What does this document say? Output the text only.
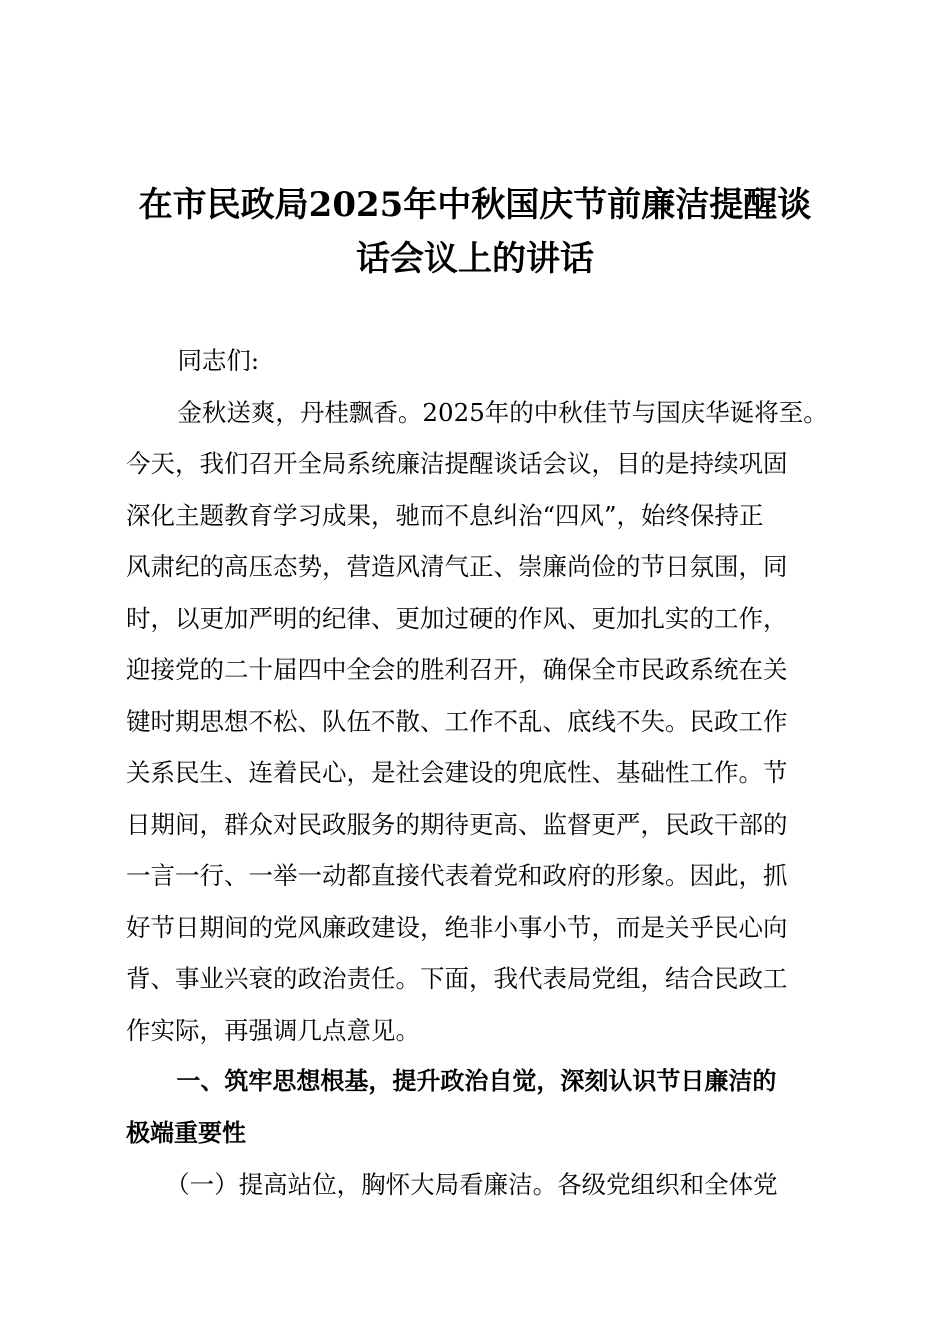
在市民政局2025年中秋国庆节前廉洁提醒谈
话会议上的讲话
同志们:
金秋送爽，丹桂飘香。2025年的中秋佳节与国庆华诞将至。
今天，我们召开全局系统廉洁提醒谈话会议，目的是持续巩固
深化主题教育学习成果，驰而不息纠治“四风”，始终保持正
风肃纪的高压态势，营造风清气正、崇廉尚俭的节日氛围，同
时，以更加严明的纪律、更加过硬的作风、更加扎实的工作，
迎接党的二十届四中全会的胜利召开，确保全市民政系统在关
键时期思想不松、队伍不散、工作不乱、底线不失。民政工作
关系民生、连着民心，是社会建设的兜底性、基础性工作。节
日期间，群众对民政服务的期待更高、监督更严，民政干部的
一言一行、一举一动都直接代表着党和政府的形象。因此，抓
好节日期间的党风廉政建设，绝非小事小节，而是关乎民心向
背、事业兴衰的政治责任。下面，我代表局党组，结合民政工
作实际，再强调几点意见。
一、筑牢思想根基，提升政治自觉，深刻认识节日廉洁的
极端重要性
（一）提高站位，胸怀大局看廉洁。各级党组织和全体党
